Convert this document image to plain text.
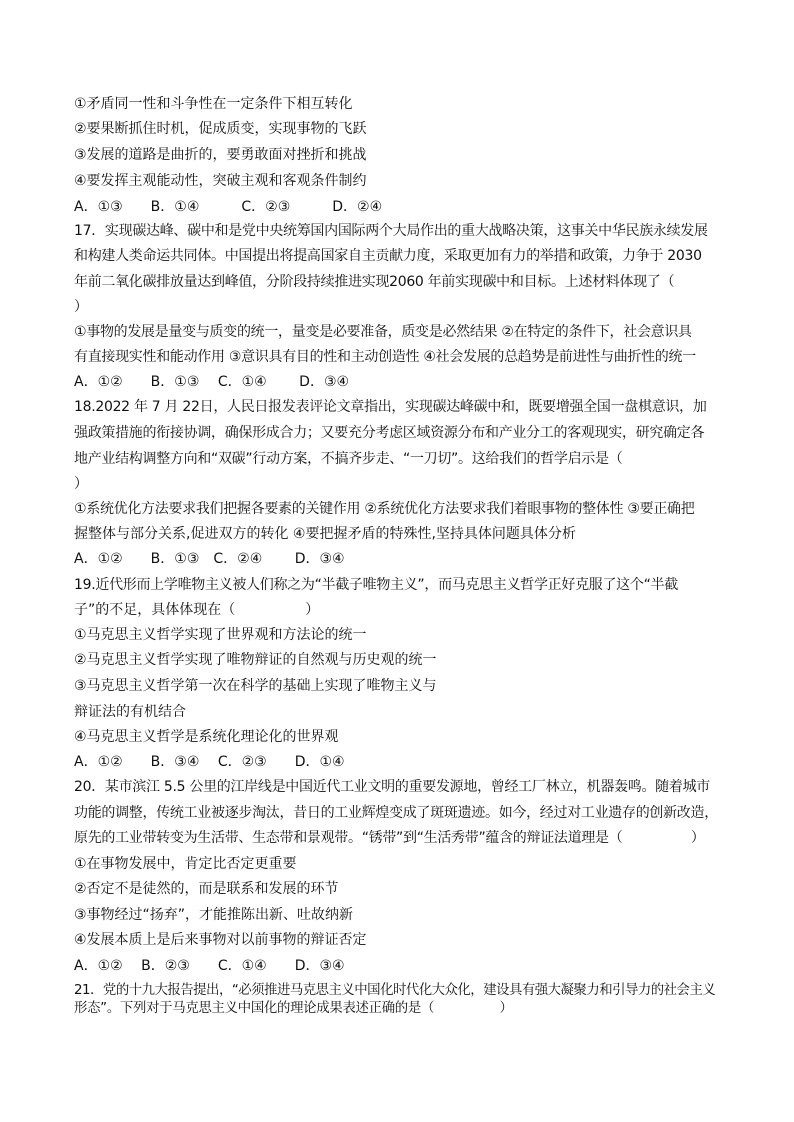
①矛盾同一性和斗争性在一定条件下相互转化
②要果断抓住时机，促成质变，实现事物的飞跃
③发展的道路是曲折的，要勇敢面对挫折和挑战
④要发挥主观能动性，突破主观和客观条件制约
A．①③　　B．①④　　　C．②③　　　D．②④
17．实现碳达峰、碳中和是党中央统筹国内国际两个大局作出的重大战略决策，这事关中华民族永续发展
和构建人类命运共同体。中国提出将提高国家自主贡献力度，采取更加有力的举措和政策，力争于 2030
年前二氧化碳排放量达到峰值，分阶段持续推进实现2060 年前实现碳中和目标。上述材料体现了（
）
①事物的发展是量变与质变的统一，量变是必要准备，质变是必然结果 ②在特定的条件下，社会意识具
有直接现实性和能动作用 ③意识具有目的性和主动创造性 ④社会发展的总趋势是前进性与曲折性的统一
A．①②　　B．①③　 C．①④　　 D．③④
18.2022 年 7 月 22日，人民日报发表评论文章指出，实现碳达峰碳中和，既要增强全国一盘棋意识，加
强政策措施的衔接协调，确保形成合力；又要充分考虑区域资源分布和产业分工的客观现实，研究确定各
地产业结构调整方向和“双碳”行动方案，不搞齐步走、“一刀切”。这给我们的哲学启示是（
）
①系统优化方法要求我们把握各要素的关键作用 ②系统优化方法要求我们着眼事物的整体性 ③要正确把
握整体与部分关系,促进双方的转化 ④要把握矛盾的特殊性,坚持具体问题具体分析
A．①②　　B．①③　C．②④　　 D．③④
19.近代形而上学唯物主义被人们称之为“半截子唯物主义”，而马克思主义哲学正好克服了这个“半截
子”的不足，具体体现在（　　　　　）
①马克思主义哲学实现了世界观和方法论的统一
②马克思主义哲学实现了唯物辩证的自然观与历史观的统一
③马克思主义哲学第一次在科学的基础上实现了唯物主义与
辩证法的有机结合
④马克思主义哲学是系统化理论化的世界观
A．①②　　B．③④　 C．②③　　D．①④
20．某市滨江 5.5 公里的江岸线是中国近代工业文明的重要发源地，曾经工厂林立，机器轰鸣。随着城市
功能的调整，传统工业被逐步淘汰，昔日的工业辉煌变成了斑斑遗迹。如今，经过对工业遗存的创新改造，
原先的工业带转变为生活带、生态带和景观带。“锈带”到“生活秀带”蕴含的辩证法道理是（　　　　　）
①在事物发展中，肯定比否定更重要
②否定不是徒然的，而是联系和发展的环节
③事物经过“扬弃”，才能推陈出新、吐故纳新
④发展本质上是后来事物对以前事物的辩证否定
A．①②　 B．②③　　C．①④　　D．③④
21．党的十九大报告提出，“必须推进马克思主义中国化时代化大众化，建设具有强大凝聚力和引导力的社会主义
形态”。下列对于马克思主义中国化的理论成果表述正确的是（　　　　　）
